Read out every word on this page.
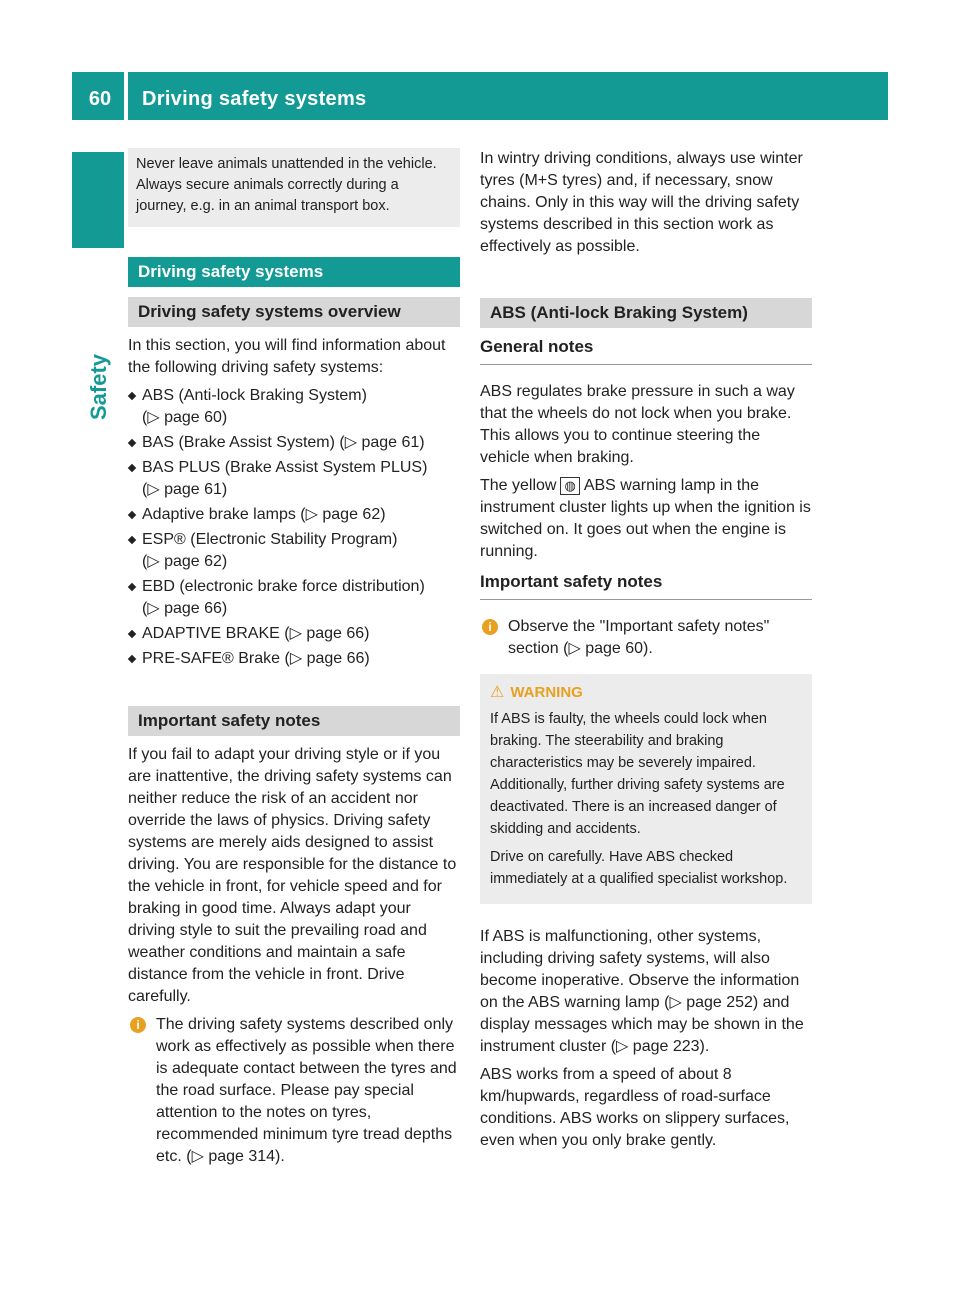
60	Driving safety systems
Safety
Never leave animals unattended in the vehicle. Always secure animals correctly during a journey, e.g. in an animal transport box.
Driving safety systems
Driving safety systems overview

In this section, you will find information about the following driving safety systems:

ABS (Anti-lock Braking System)
(▷ page 60)
BAS (Brake Assist System) (▷ page 61)
BAS PLUS (Brake Assist System PLUS)
(▷ page 61)
Adaptive brake lamps (▷ page 62)
ESP® (Electronic Stability Program)
(▷ page 62)
EBD (electronic brake force distribution)
(▷ page 66)
ADAPTIVE BRAKE (▷ page 66)
PRE-SAFE® Brake (▷ page 66)
Important safety notes

If you fail to adapt your driving style or if you are inattentive, the driving safety systems can neither reduce the risk of an accident nor override the laws of physics. Driving safety systems are merely aids designed to assist driving. You are responsible for the distance to the vehicle in front, for vehicle speed and for braking in good time. Always adapt your driving style to suit the prevailing road and weather conditions and maintain a safe distance from the vehicle in front. Drive carefully.

i	The driving safety systems described only work as effectively as possible when there is adequate contact between the tyres and the road surface. Please pay special attention to the notes on tyres, recommended minimum tyre tread depths etc. (▷ page 314).

In wintry driving conditions, always use winter tyres (M+S tyres) and, if necessary, snow chains. Only in this way will the driving safety systems described in this section work as effectively as possible.

ABS (Anti-lock Braking System)
General notes

ABS regulates brake pressure in such a way that the wheels do not lock when you brake. This allows you to continue steering the vehicle when braking.

The yellow ◍ ABS warning lamp in the instrument cluster lights up when the ignition is switched on. It goes out when the engine is running.

Important safety notes
i	Observe the "Important safety notes" section (▷ page 60).
⚠ WARNING

If ABS is faulty, the wheels could lock when braking. The steerability and braking characteristics may be severely impaired. Additionally, further driving safety systems are deactivated. There is an increased danger of skidding and accidents.

Drive on carefully. Have ABS checked immediately at a qualified specialist workshop.

If ABS is malfunctioning, other systems, including driving safety systems, will also become inoperative. Observe the information on the ABS warning lamp (▷ page 252) and display messages which may be shown in the instrument cluster (▷ page 223).

ABS works from a speed of about 8 km/hupwards, regardless of road-surface conditions. ABS works on slippery surfaces, even when you only brake gently.
